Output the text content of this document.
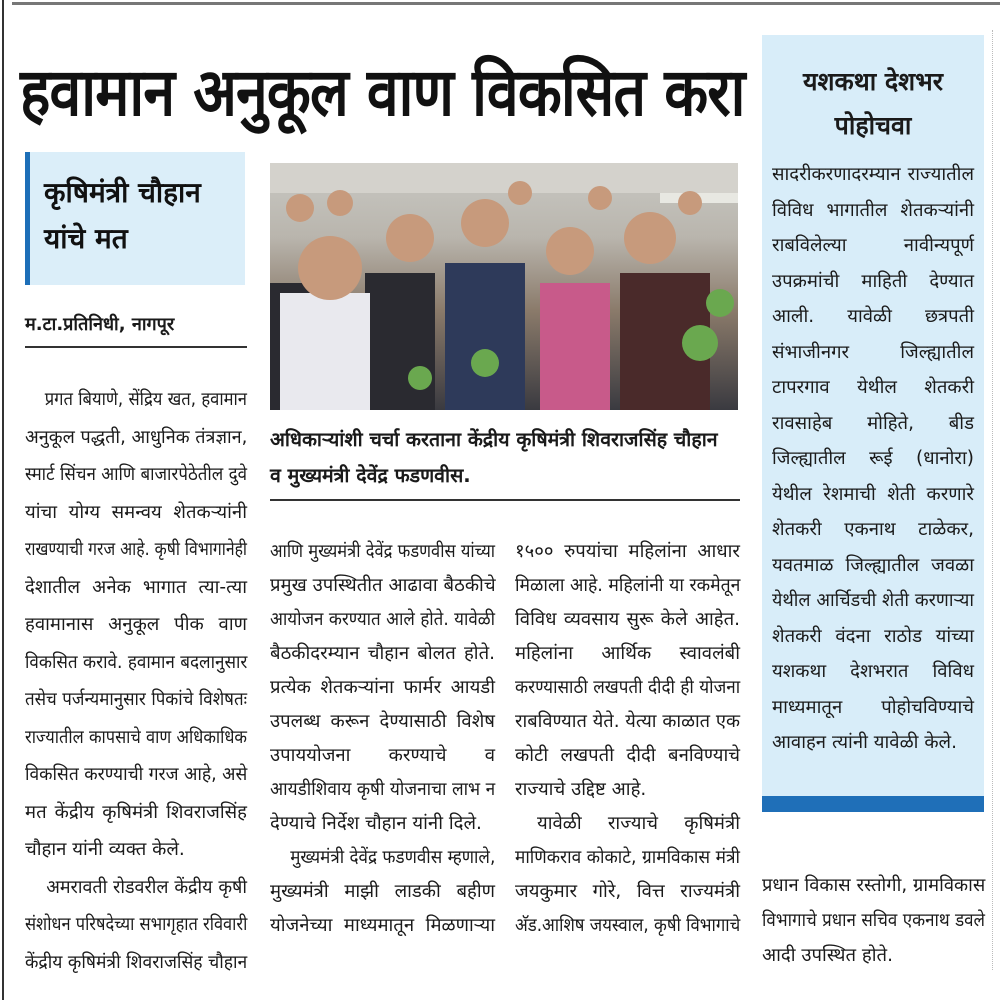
हवामान अनुकूल वाण विकसित करा
कृषिमंत्री चौहान
यांचे मत
म.टा.प्रतिनिधी, नागपूर
प्रगत बियाणे, सेंद्रिय खत, हवामान
अनुकूल पद्धती, आधुनिक तंत्रज्ञान,
स्मार्ट सिंचन आणि बाजारपेठेतील दुवे
यांचा योग्य समन्वय शेतकऱ्यांनी
राखण्याची गरज आहे. कृषी विभागानेही
देशातील अनेक भागात त्या-त्या
हवामानास अनुकूल पीक वाण
विकसित करावे. हवामान बदलानुसार
तसेच पर्जन्यमानुसार पिकांचे विशेषतः
राज्यातील कापसाचे वाण अधिकाधिक
विकसित करण्याची गरज आहे, असे
मत केंद्रीय कृषिमंत्री शिवराजसिंह
चौहान यांनी व्यक्त केले.
अमरावती रोडवरील केंद्रीय कृषी
संशोधन परिषदेच्या सभागृहात रविवारी
केंद्रीय कृषिमंत्री शिवराजसिंह चौहान
अधिकाऱ्यांशी चर्चा करताना केंद्रीय कृषिमंत्री शिवराजसिंह चौहान
व मुख्यमंत्री देवेंद्र फडणवीस.
आणि मुख्यमंत्री देवेंद्र फडणवीस यांच्या
प्रमुख उपस्थितीत आढावा बैठकीचे
आयोजन करण्यात आले होते. यावेळी
बैठकीदरम्यान चौहान बोलत होते.
प्रत्येक शेतकऱ्यांना फार्मर आयडी
उपलब्ध करून देण्यासाठी विशेष
उपाययोजना करण्याचे व
आयडीशिवाय कृषी योजनाचा लाभ न
देण्याचे निर्देश चौहान यांनी दिले.
मुख्यमंत्री देवेंद्र फडणवीस म्हणाले,
मुख्यमंत्री माझी लाडकी बहीण
योजनेच्या माध्यमातून मिळणाऱ्या
१५०० रुपयांचा महिलांना आधार
मिळाला आहे. महिलांनी या रकमेतून
विविध व्यवसाय सुरू केले आहेत.
महिलांना आर्थिक स्वावलंबी
करण्यासाठी लखपती दीदी ही योजना
राबविण्यात येते. येत्या काळात एक
कोटी लखपती दीदी बनविण्याचे
राज्याचे उद्दिष्ट आहे.
यावेळी राज्याचे कृषिमंत्री
माणिकराव कोकाटे, ग्रामविकास मंत्री
जयकुमार गोरे, वित्त राज्यमंत्री
अ‍ॅड.आशिष जयस्वाल, कृषी विभागाचे
यशकथा देशभर
पोहोचवा
सादरीकरणादरम्यान राज्यातील
विविध भागातील शेतकऱ्यांनी
राबविलेल्या नावीन्यपूर्ण
उपक्रमांची माहिती देण्यात
आली. यावेळी छत्रपती
संभाजीनगर जिल्ह्यातील
टापरगाव येथील शेतकरी
रावसाहेब मोहिते, बीड
जिल्ह्यातील रूई (धानोरा)
येथील रेशमाची शेती करणारे
शेतकरी एकनाथ टाळेकर,
यवतमाळ जिल्ह्यातील जवळा
येथील आर्चिडची शेती करणाऱ्या
शेतकरी वंदना राठोड यांच्या
यशकथा देशभरात विविध
माध्यमातून पोहोचविण्याचे
आवाहन त्यांनी यावेळी केले.
प्रधान विकास रस्तोगी, ग्रामविकास
विभागाचे प्रधान सचिव एकनाथ डवले
आदी उपस्थित होते.
